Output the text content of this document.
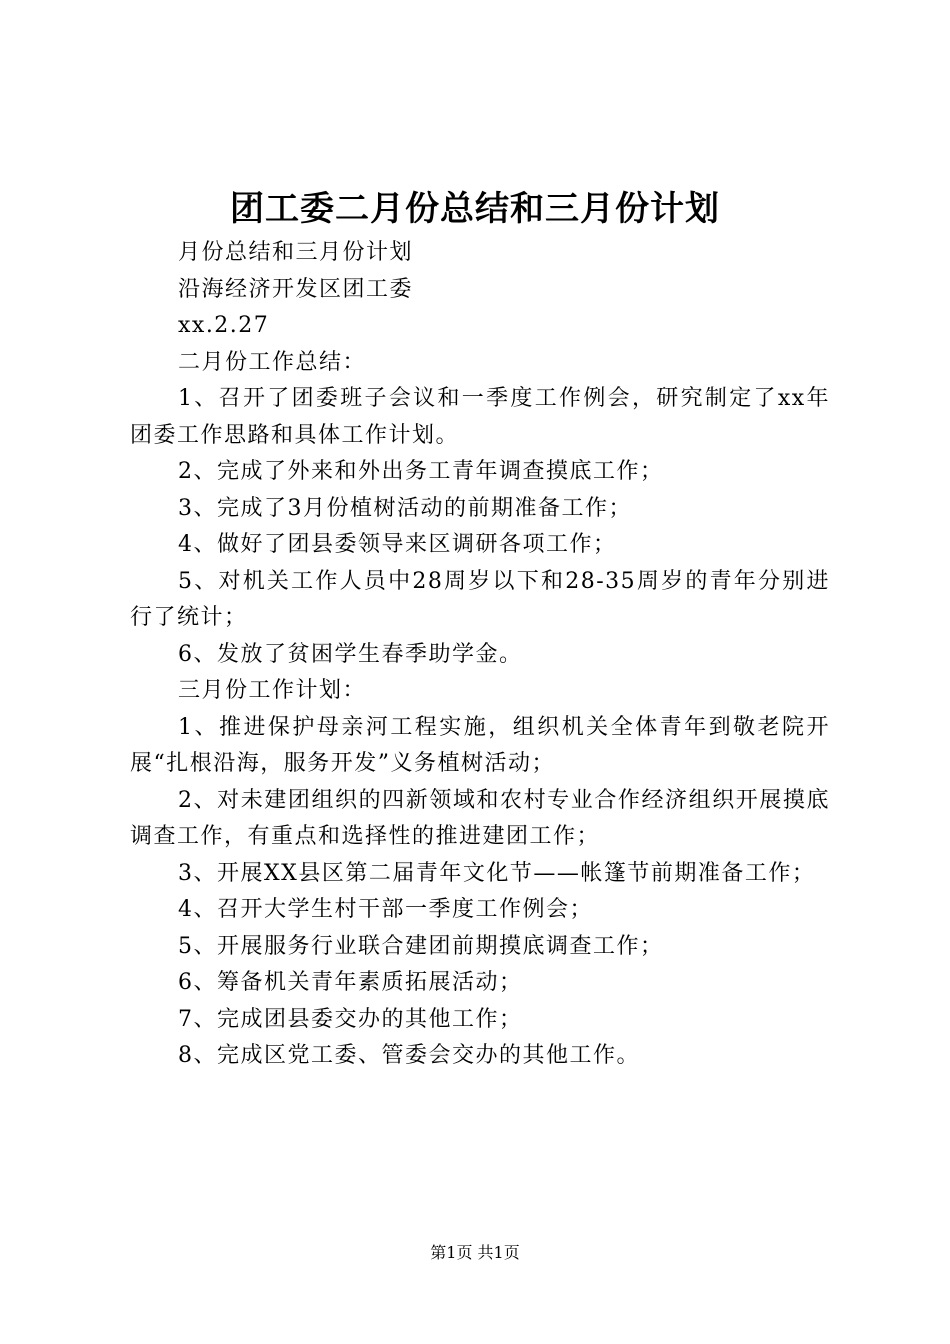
团工委二月份总结和三月份计划

月份总结和三月份计划

沿海经济开发区团工委

xx.2.27

二月份工作总结：

1、召开了团委班子会议和一季度工作例会，研究制定了xx年团委工作思路和具体工作计划。

2、完成了外来和外出务工青年调查摸底工作；

3、完成了3月份植树活动的前期准备工作；

4、做好了团县委领导来区调研各项工作；

5、对机关工作人员中28周岁以下和28-35周岁的青年分别进行了统计；

6、发放了贫困学生春季助学金。

三月份工作计划：

1、推进保护母亲河工程实施，组织机关全体青年到敬老院开展“扎根沿海，服务开发”义务植树活动；

2、对未建团组织的四新领域和农村专业合作经济组织开展摸底调查工作，有重点和选择性的推进建团工作；

3、开展XX县区第二届青年文化节——帐篷节前期准备工作；

4、召开大学生村干部一季度工作例会；

5、开展服务行业联合建团前期摸底调查工作；

6、筹备机关青年素质拓展活动；

7、完成团县委交办的其他工作；

8、完成区党工委、管委会交办的其他工作。

第1页 共1页
